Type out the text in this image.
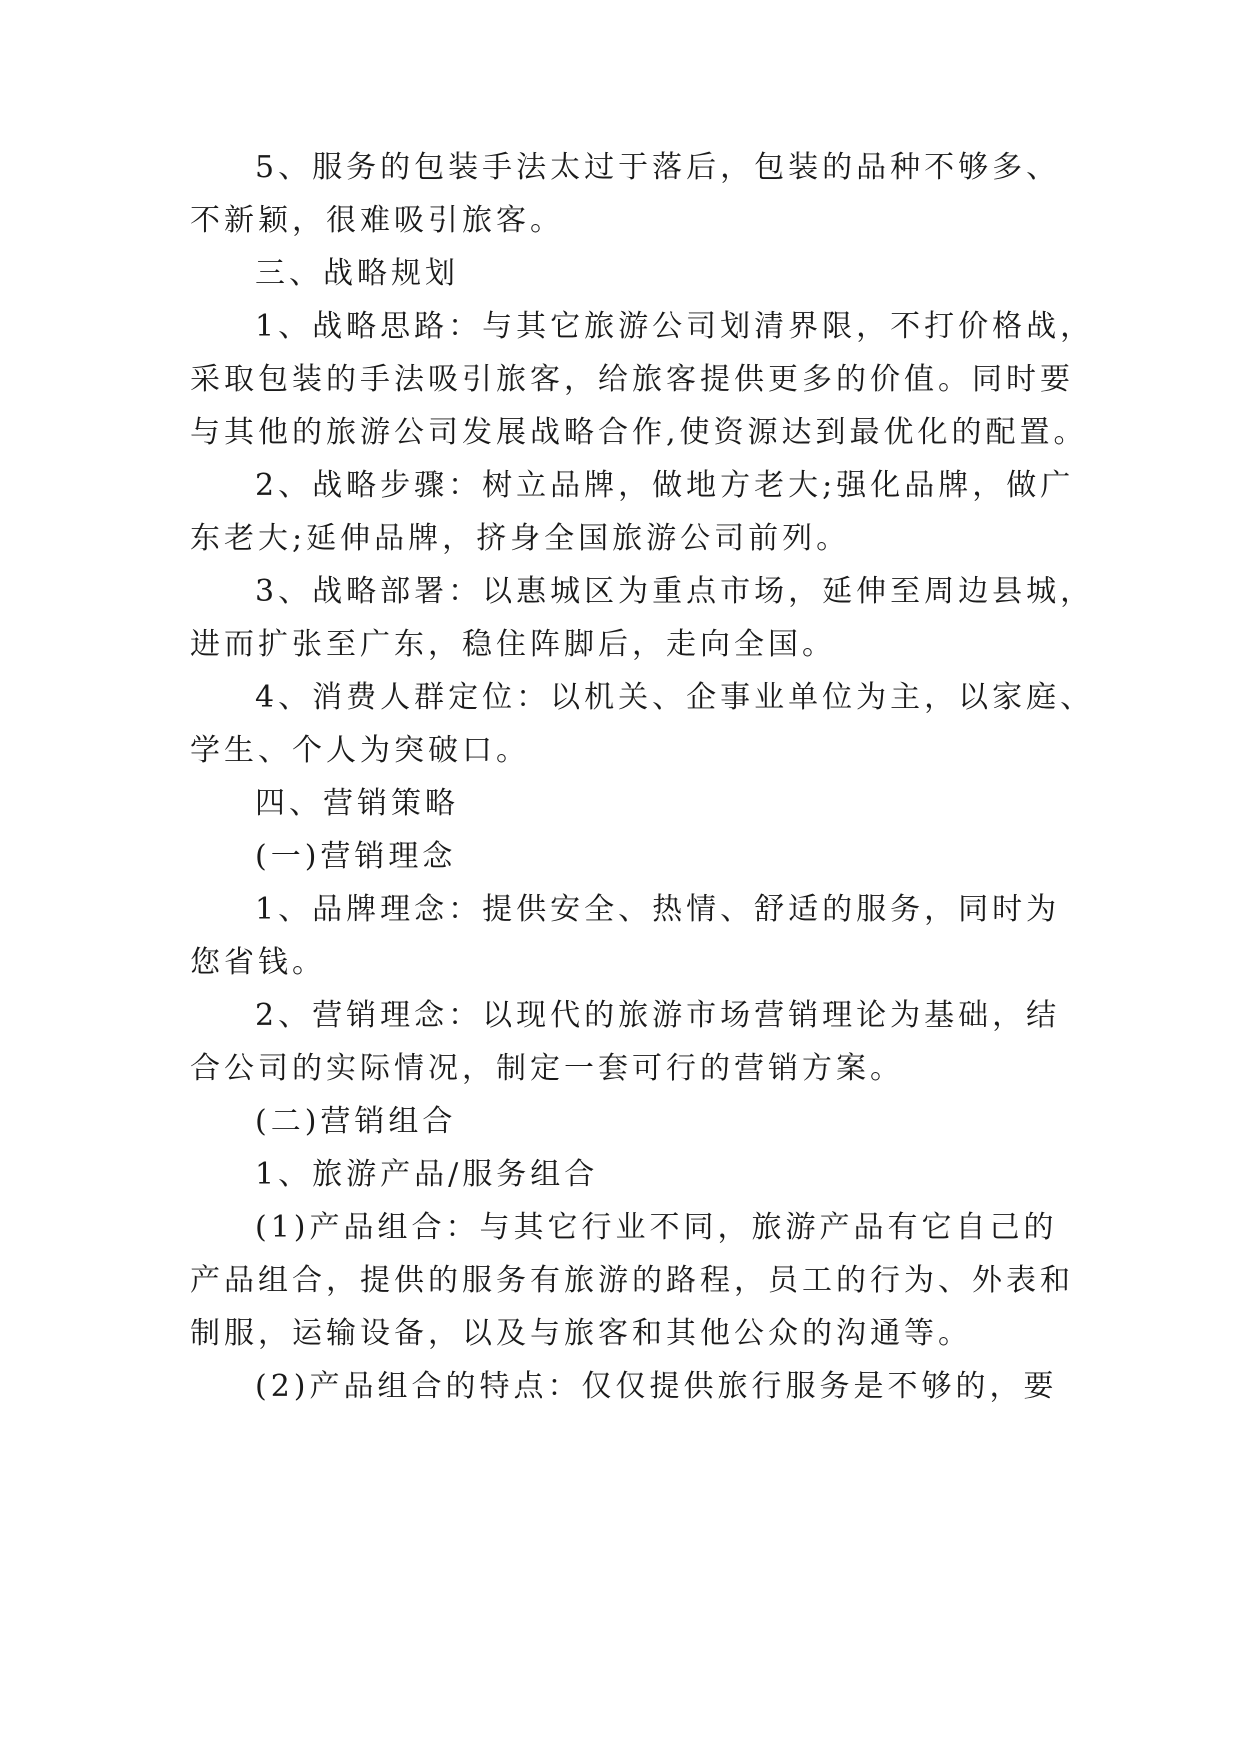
5、服务的包装手法太过于落后，包装的品种不够多、

不新颖，很难吸引旅客。

三、战略规划

1、战略思路：与其它旅游公司划清界限，不打价格战，

采取包装的手法吸引旅客，给旅客提供更多的价值。同时要

与其他的旅游公司发展战略合作,使资源达到最优化的配置。

2、战略步骤：树立品牌，做地方老大;强化品牌，做广

东老大;延伸品牌，挤身全国旅游公司前列。

3、战略部署：以惠城区为重点市场，延伸至周边县城，

进而扩张至广东，稳住阵脚后，走向全国。

4、消费人群定位：以机关、企事业单位为主，以家庭、

学生、个人为突破口。

四、营销策略

(一)营销理念

1、品牌理念：提供安全、热情、舒适的服务，同时为

您省钱。

2、营销理念：以现代的旅游市场营销理论为基础，结

合公司的实际情况，制定一套可行的营销方案。

(二)营销组合

1、旅游产品/服务组合

(1)产品组合：与其它行业不同，旅游产品有它自己的

产品组合，提供的服务有旅游的路程，员工的行为、外表和

制服，运输设备，以及与旅客和其他公众的沟通等。

(2)产品组合的特点：仅仅提供旅行服务是不够的，要
